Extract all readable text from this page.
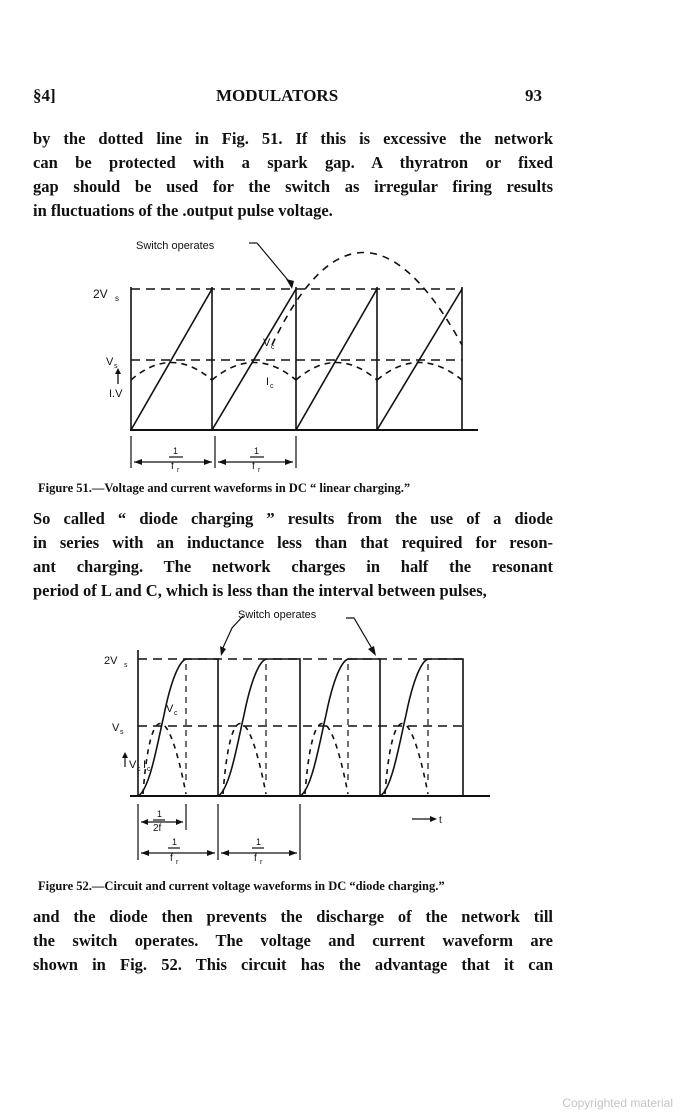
§4]	MODULATORS	93
by the dotted line in Fig. 51. If this is excessive the network
can be protected with a spark gap. A thyratron or fixed
gap should be used for the switch as irregular firing results
in fluctuations of the .output pulse voltage.
Switch operates
2V s
V s
I.V
V c
I c
1
f r
1
f r
Figure 51.—Voltage and current waveforms in DC “ linear charging.”
So called “ diode charging ” results from the use of a diode
in series with an inductance less than that required for reson-
ant charging. The network charges in half the resonant
period of L and C, which is less than the interval between pulses,
Switch operates
2V s
V s
V c
V c I c
t
1
2f
1
f r
1
f r
Figure 52.—Circuit and current voltage waveforms in DC “diode charging.”
and the diode then prevents the discharge of the network till
the switch operates. The voltage and current waveform are
shown in Fig. 52. This circuit has the advantage that it can
Copyrighted material
